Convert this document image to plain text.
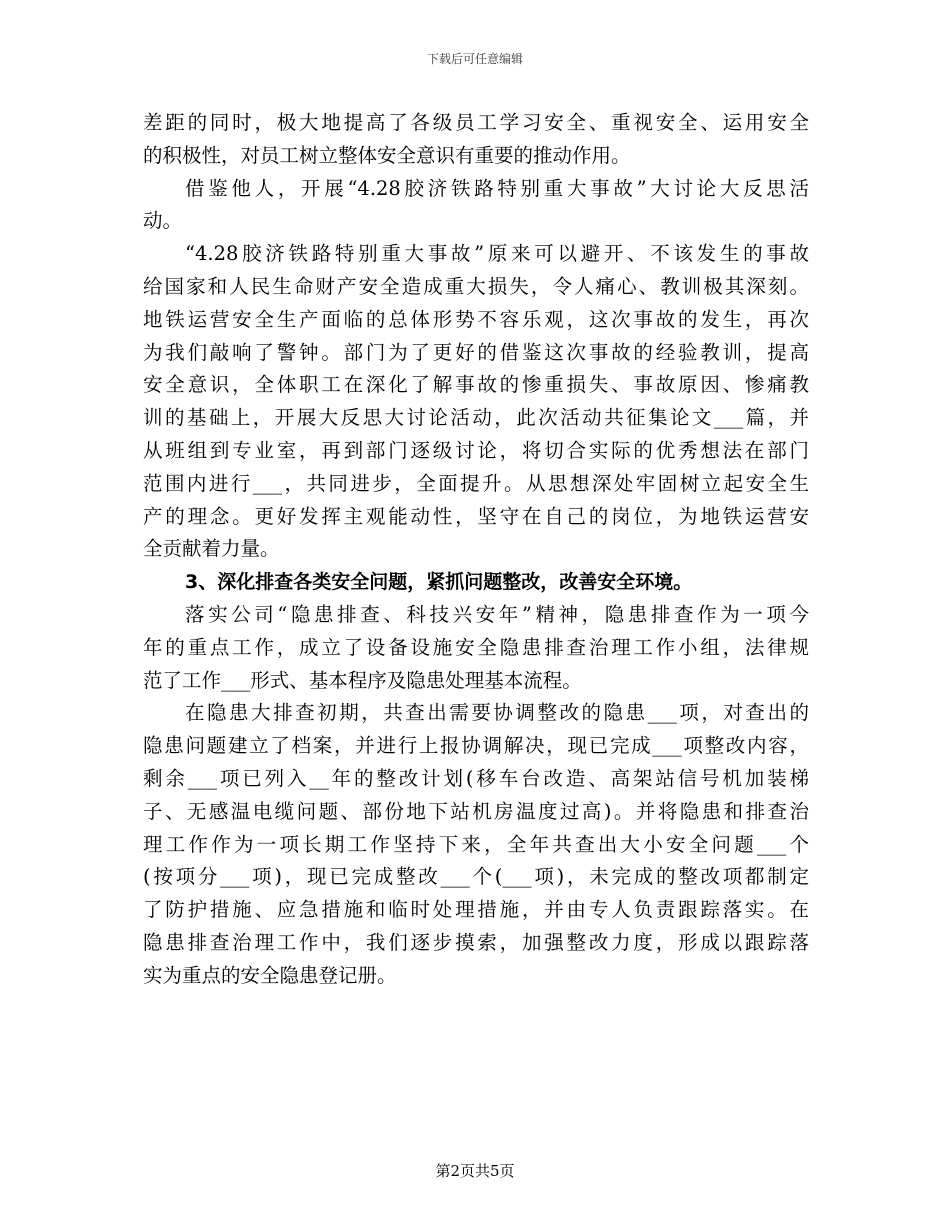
下载后可任意编辑
差距的同时，极大地提高了各级员工学习安全、重视安全、运用安全
的积极性，对员工树立整体安全意识有重要的推动作用。
借鉴他人，开展“4.28胶济铁路特别重大事故”大讨论大反思活
动。
“4.28胶济铁路特别重大事故”原来可以避开、不该发生的事故
给国家和人民生命财产安全造成重大损失，令人痛心、教训极其深刻。
地铁运营安全生产面临的总体形势不容乐观，这次事故的发生，再次
为我们敲响了警钟。部门为了更好的借鉴这次事故的经验教训，提高
安全意识，全体职工在深化了解事故的惨重损失、事故原因、惨痛教
训的基础上，开展大反思大讨论活动，此次活动共征集论文___篇，并
从班组到专业室，再到部门逐级讨论，将切合实际的优秀想法在部门
范围内进行___，共同进步，全面提升。从思想深处牢固树立起安全生
产的理念。更好发挥主观能动性，坚守在自己的岗位，为地铁运营安
全贡献着力量。
3、深化排查各类安全问题，紧抓问题整改，改善安全环境。
落实公司“隐患排查、科技兴安年”精神，隐患排查作为一项今
年的重点工作，成立了设备设施安全隐患排查治理工作小组，法律规
范了工作___形式、基本程序及隐患处理基本流程。
在隐患大排查初期，共查出需要协调整改的隐患___项，对查出的
隐患问题建立了档案，并进行上报协调解决，现已完成___项整改内容，
剩余___项已列入__年的整改计划(移车台改造、高架站信号机加装梯
子、无感温电缆问题、部份地下站机房温度过高)。并将隐患和排查治
理工作作为一项长期工作坚持下来，全年共查出大小安全问题___个
(按项分___项)，现已完成整改___个(___项)，未完成的整改项都制定
了防护措施、应急措施和临时处理措施，并由专人负责跟踪落实。在
隐患排查治理工作中，我们逐步摸索，加强整改力度，形成以跟踪落
实为重点的安全隐患登记册。
第2页共5页
